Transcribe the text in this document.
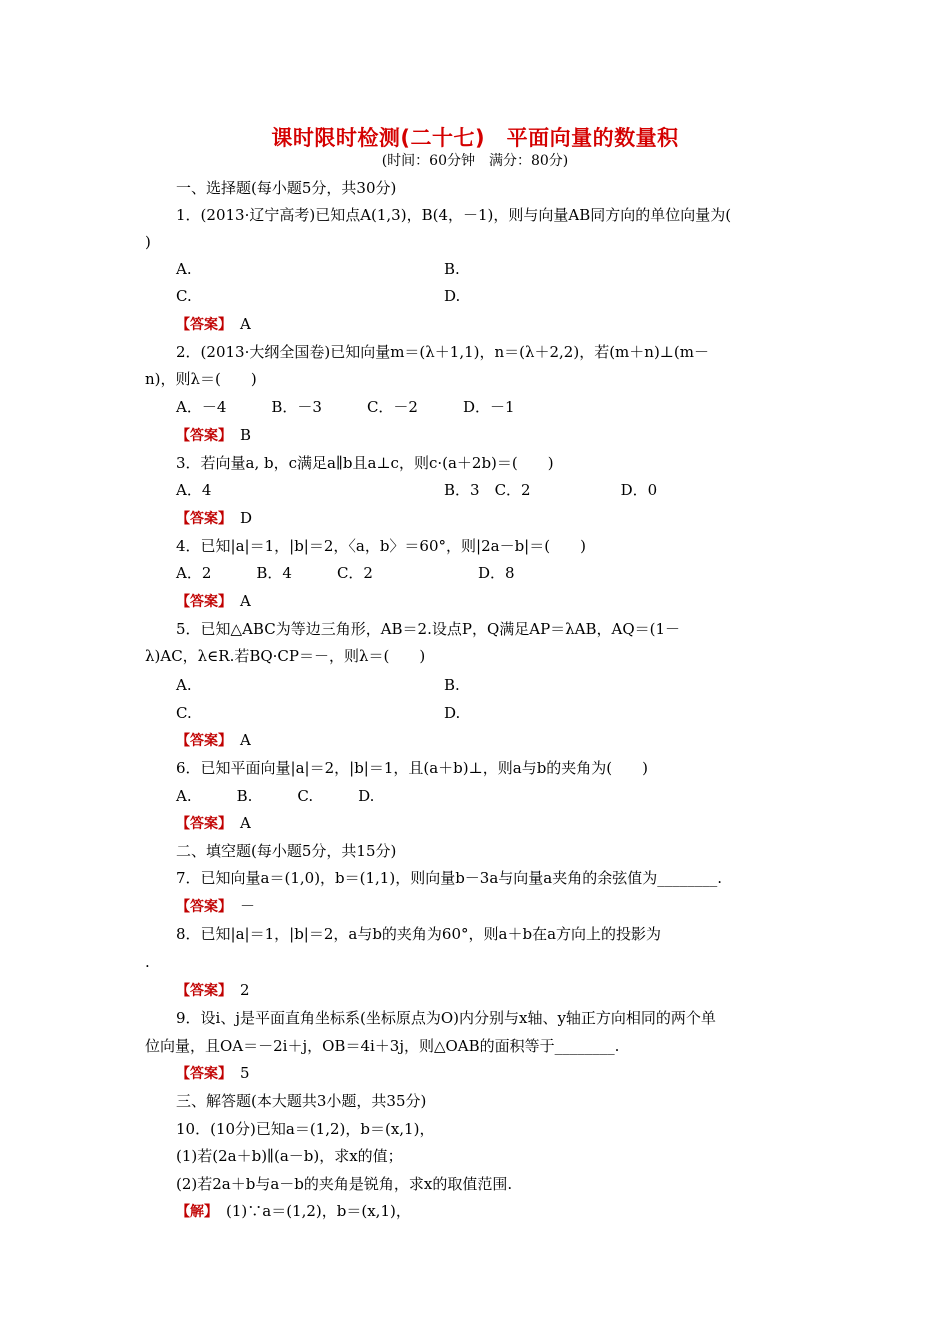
课时限时检测(二十七)　平面向量的数量积
(时间：60分钟　满分：80分)
一、选择题(每小题5分，共30分)
1．(2013·辽宁高考)已知点A(1,3)，B(4，－1)，则与向量AB同方向的单位向量为(
)
A.	B.
C.	D.
【答案】　 A
2．(2013·大纲全国卷)已知向量m＝(λ＋1,1)，n＝(λ＋2,2)，若(m＋n)⊥(m－
n)，则λ＝(　　)
A．－4　　　B．－3　　　C．－2　　　D．－1
【答案】　 B
3．若向量a, b，c满足a∥b且a⊥c，则c·(a＋2b)＝(　　)
A．4	B．3　C．2　　　　　　D．0
【答案】　 D
4．已知|a|＝1，|b|＝2，〈a，b〉＝60°，则|2a－b|＝(　　)
A．2　　　B．4　　　C．2　　　　　　　D．8
【答案】　 A
5．已知△ABC为等边三角形，AB＝2.设点P，Q满足AP＝λAB，AQ＝(1－
λ)AC，λ∈R.若BQ·CP＝－，则λ＝(　　)
A.	B.
C.	D.
【答案】　 A
6．已知平面向量|a|＝2，|b|＝1，且(a＋b)⊥，则a与b的夹角为(　　)
A.　　　B.　　　C.　　　D.
【答案】　 A
二、填空题(每小题5分，共15分)
7．已知向量a＝(1,0)，b＝(1,1)，则向量b－3a与向量a夹角的余弦值为________.
【答案】　 －
8．已知|a|＝1，|b|＝2，a与b的夹角为60°，则a＋b在a方向上的投影为
.
【答案】　 2
9．设i、j是平面直角坐标系(坐标原点为O)内分别与x轴、y轴正方向相同的两个单
位向量，且OA＝－2i＋j，OB＝4i＋3j，则△OAB的面积等于________.
【答案】　 5
三、解答题(本大题共3小题，共35分)
10．(10分)已知a＝(1,2)，b＝(x,1)，
(1)若(2a＋b)∥(a－b)，求x的值；
(2)若2a＋b与a－b的夹角是锐角，求x的取值范围.
【解】　 (1)∵a＝(1,2)，b＝(x,1)，
